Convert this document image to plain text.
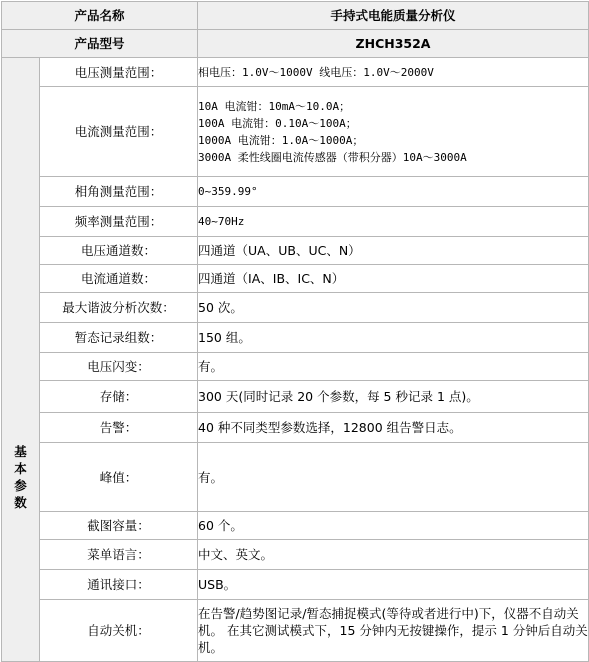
产品名称		手持式电能质量分析仪
产品型号		ZHCH352A
	电压测量范围：	相电压：1.0V～1000V 线电压：1.0V～2000V

	电流测量范围：	10A 电流钳：10mA～10.0A；
100A 电流钳：0.10A～100A；
1000A 电流钳：1.0A～1000A；
3000A 柔性线圈电流传感器（带积分器）10A～3000A

	相角测量范围：	0~359.99°

	频率测量范围：	40~70Hz

	电压通道数：	四通道（UA、UB、UC、N）

	电流通道数：	四通道（IA、IB、IC、N）

	最大谐波分析次数：	50 次。

	暂态记录组数：	150 组。

	电压闪变：	有。

	存储：	300 天(同时记录 20 个参数，每 5 秒记录 1 点)。

	告警：	40 种不同类型参数选择，12800 组告警日志。

基
本
参
数	峰值：	有。

	截图容量：	60 个。

	菜单语言：	中文、英文。

	通讯接口：	USB。

	自动关机：	在告警/趋势图记录/暂态捕捉模式(等待或者进行中)下，仪器不自动关机。 在其它测试模式下，15 分钟内无按键操作，提示 1 分钟后自动关机。
